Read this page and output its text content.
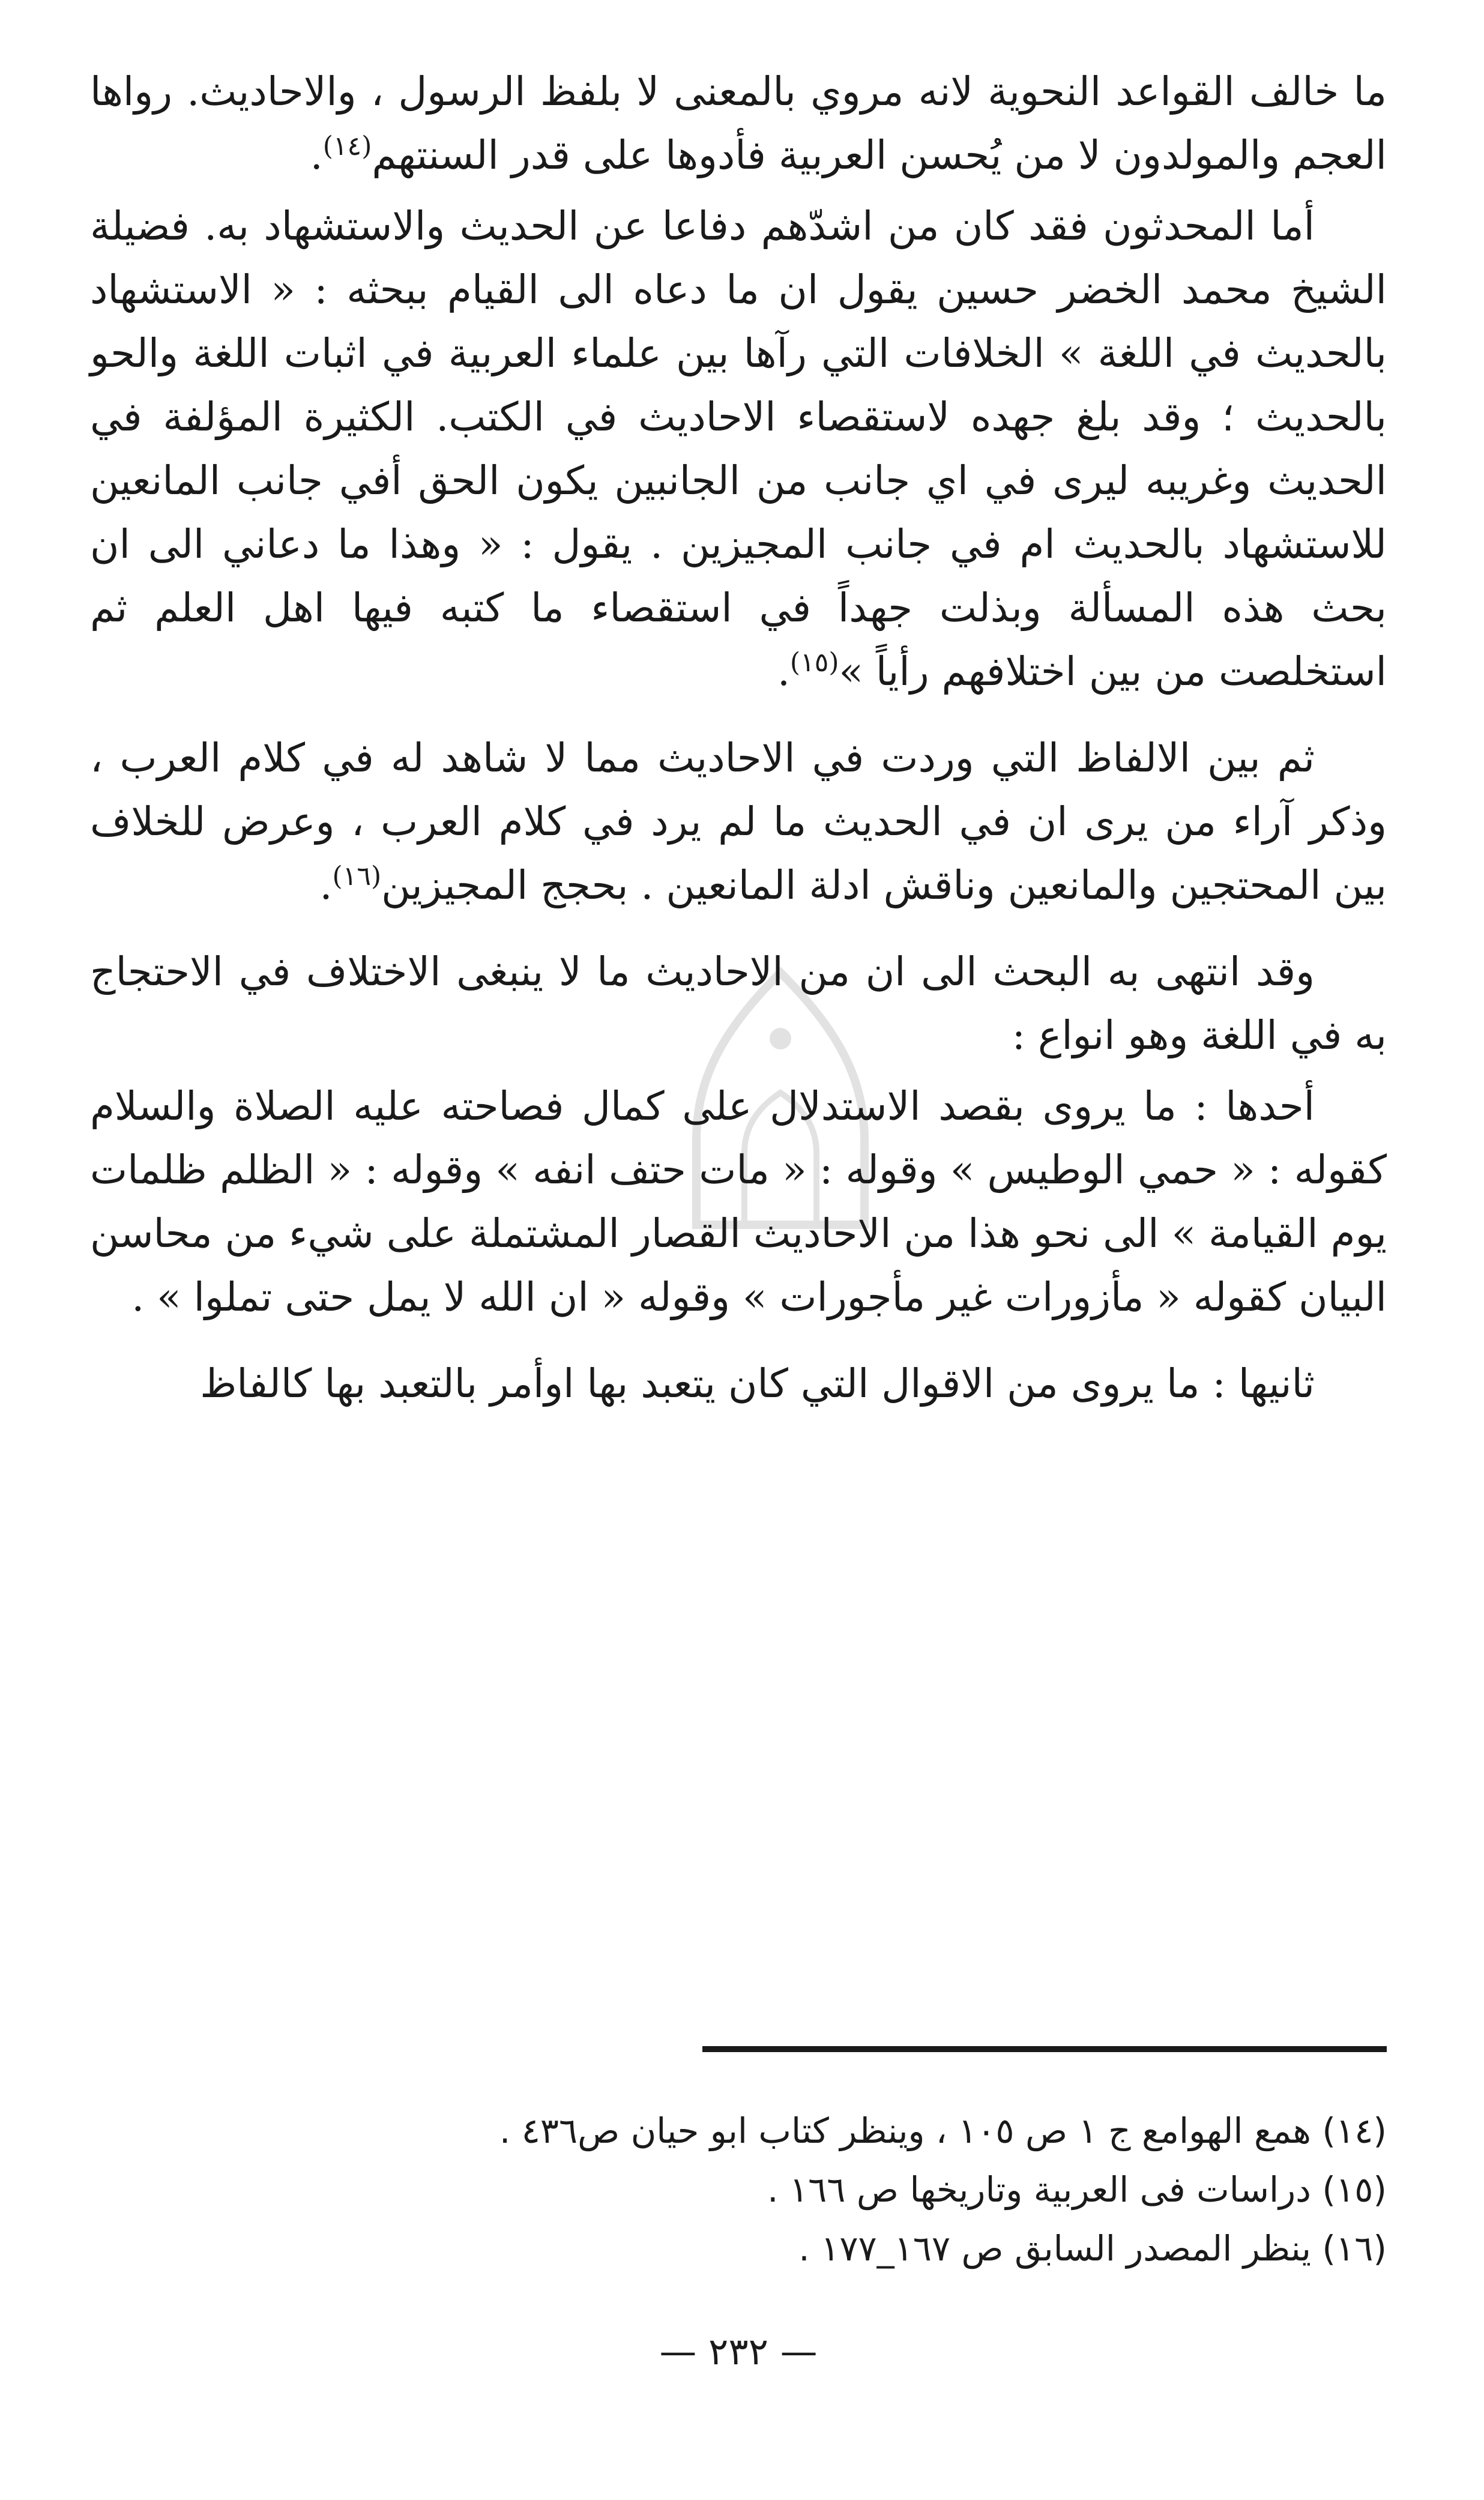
ما خالف القواعد النحوية لانه مروي بالمعنى لا بلفظ الرسول ، والاحاديث. رواها العجم والمولدون لا من يُحسن العربية فأدوها على قدر السنتهم$^{(١٤)}$.

أما المحدثون فقد كان من اشدّهم دفاعا عن الحديث والاستشهاد به. فضيلة الشيخ محمد الخضر حسين يقول ان ما دعاه الى القيام ببحثه : « الاستشهاد بالحديث في اللغة » الخلافات التي رآها بين علماء العربية في اثبات اللغة والحو بالحديث ؛ وقد بلغ جهده لاستقصاء الاحاديث في الكتب. الكثيرة المؤلفة في الحديث وغريبه ليرى في اي جانب من الجانبين يكون الحق أفي جانب المانعين للاستشهاد بالحديث ام في جانب المجيزين . يقول : « وهذا ما دعاني الى ان بحث هذه المسألة وبذلت جهداً في استقصاء ما كتبه فيها اهل العلم ثم استخلصت من بين اختلافهم رأياً »$^{(١٥)}$.

ثم بين الالفاظ التي وردت في الاحاديث مما لا شاهد له في كلام العرب ، وذكر آراء من يرى ان في الحديث ما لم يرد في كلام العرب ، وعرض للخلاف بين المحتجين والمانعين وناقش ادلة المانعين . بحجج المجيزين$^{(١٦)}$.

وقد انتهى به البحث الى ان من الاحاديث ما لا ينبغى الاختلاف في الاحتجاج به في اللغة وهو انواع :

أحدها : ما يروى بقصد الاستدلال على كمال فصاحته عليه الصلاة والسلام كقوله : « حمي الوطيس » وقوله : « مات حتف انفه » وقوله : « الظلم ظلمات يوم القيامة » الى نحو هذا من الاحاديث القصار المشتملة على شيء من محاسن البيان كقوله « مأزورات غير مأجورات » وقوله « ان الله لا يمل حتى تملوا » .

ثانيها : ما يروى من الاقوال التي كان يتعبد بها اوأمر بالتعبد بها كالفاظ

(١٤) همع الهوامع ج ١ ص ١٠٥ ، وينظر كتاب ابو حيان ص٤٣٦ .

(١٥) دراسات فى العربية وتاريخها ص ١٦٦ .

(١٦) ينظر المصدر السابق ص ١٦٧_١٧٧ .

— ٢٣٢ —
